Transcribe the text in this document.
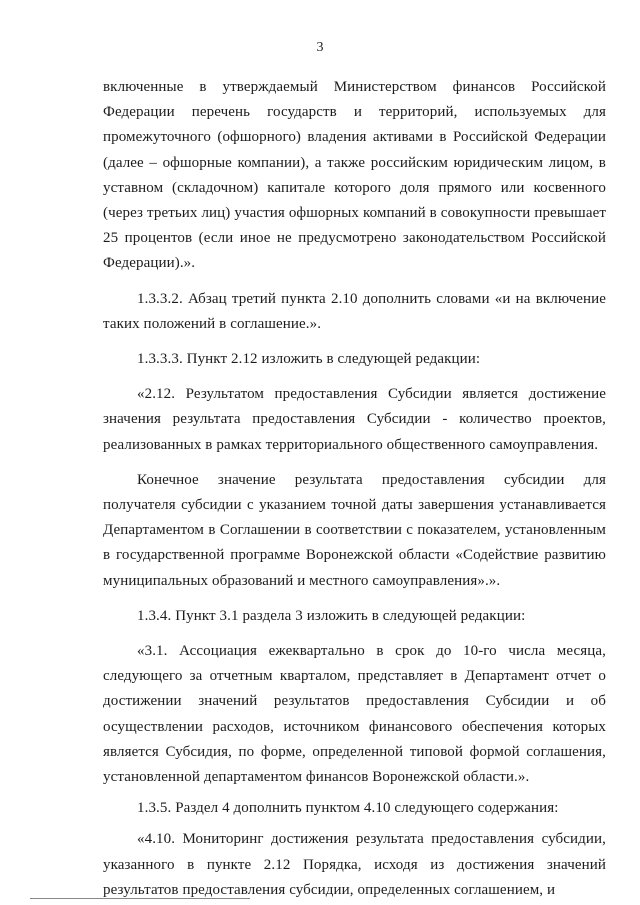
3

включенные в утверждаемый Министерством финансов Российской Федерации перечень государств и территорий, используемых для промежуточного (офшорного) владения активами в Российской Федерации (далее – офшорные компании), а также российским юридическим лицом, в уставном (складочном) капитале которого доля прямого или косвенного (через третьих лиц) участия офшорных компаний в совокупности превышает 25 процентов (если иное не предусмотрено законодательством Российской Федерации).».

1.3.3.2. Абзац третий пункта 2.10 дополнить словами «и на включение таких положений в соглашение.».

1.3.3.3. Пункт 2.12 изложить в следующей редакции:

«2.12. Результатом предоставления Субсидии является достижение значения результата предоставления Субсидии - количество проектов, реализованных в рамках территориального общественного самоуправления.

Конечное значение результата предоставления субсидии для получателя субсидии с указанием точной даты завершения устанавливается Департаментом в Соглашении в соответствии с показателем, установленным в государственной программе Воронежской области «Содействие развитию муниципальных образований и местного самоуправления».».

1.3.4. Пункт 3.1 раздела 3 изложить в следующей редакции:

«3.1. Ассоциация ежеквартально в срок до 10-го числа месяца, следующего за отчетным кварталом, представляет в Департамент отчет о достижении значений результатов предоставления Субсидии и об осуществлении расходов, источником финансового обеспечения которых является Субсидия, по форме, определенной типовой формой соглашения, установленной департаментом финансов Воронежской области.».

1.3.5. Раздел 4 дополнить пунктом 4.10 следующего содержания:

«4.10. Мониторинг достижения результата предоставления субсидии, указанного в пункте 2.12 Порядка, исходя из достижения значений результатов предоставления субсидии, определенных соглашением, и
